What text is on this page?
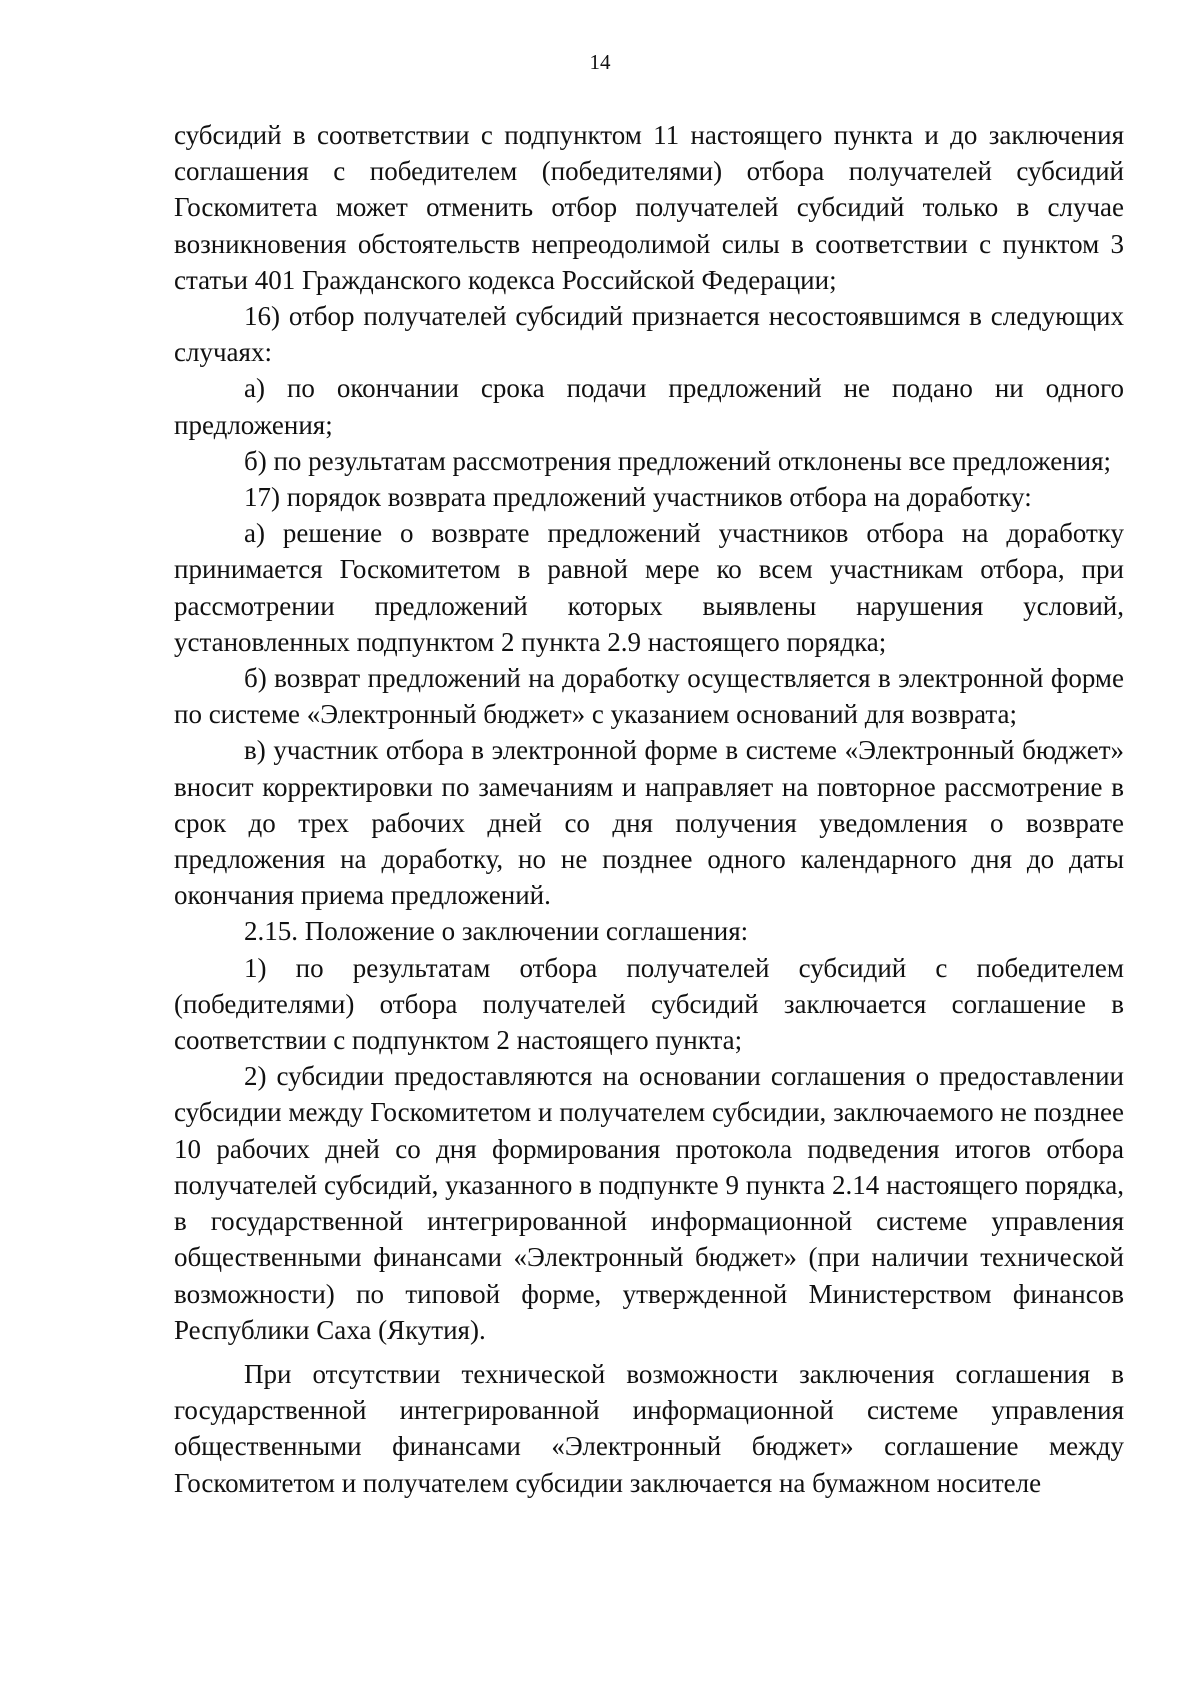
14

субсидий в соответствии с подпунктом 11 настоящего пункта и до заключения соглашения с победителем (победителями) отбора получателей субсидий Госкомитета может отменить отбор получателей субсидий только в случае возникновения обстоятельств непреодолимой силы в соответствии с пунктом 3 статьи 401 Гражданского кодекса Российской Федерации;

16) отбор получателей субсидий признается несостоявшимся в следующих случаях:

а) по окончании срока подачи предложений не подано ни одного предложения;

б) по результатам рассмотрения предложений отклонены все предложения;

17) порядок возврата предложений участников отбора на доработку:

а) решение о возврате предложений участников отбора на доработку принимается Госкомитетом в равной мере ко всем участникам отбора, при рассмотрении предложений которых выявлены нарушения условий, установленных подпунктом 2 пункта 2.9 настоящего порядка;

б) возврат предложений на доработку осуществляется в электронной форме по системе «Электронный бюджет» с указанием оснований для возврата;

в) участник отбора в электронной форме в системе «Электронный бюджет» вносит корректировки по замечаниям и направляет на повторное рассмотрение в срок до трех рабочих дней со дня получения уведомления о возврате предложения на доработку, но не позднее одного календарного дня до даты окончания приема предложений.

2.15. Положение о заключении соглашения:

1) по результатам отбора получателей субсидий с победителем (победителями) отбора получателей субсидий заключается соглашение в соответствии с подпунктом 2 настоящего пункта;

2) субсидии предоставляются на основании соглашения о предоставлении субсидии между Госкомитетом и получателем субсидии, заключаемого не позднее 10 рабочих дней со дня формирования протокола подведения итогов отбора получателей субсидий, указанного в подпункте 9 пункта 2.14 настоящего порядка, в государственной интегрированной информационной системе управления общественными финансами «Электронный бюджет» (при наличии технической возможности) по типовой форме, утвержденной Министерством финансов Республики Саха (Якутия).

При отсутствии технической возможности заключения соглашения в государственной интегрированной информационной системе управления общественными финансами «Электронный бюджет» соглашение между Госкомитетом и получателем субсидии заключается на бумажном носителе
